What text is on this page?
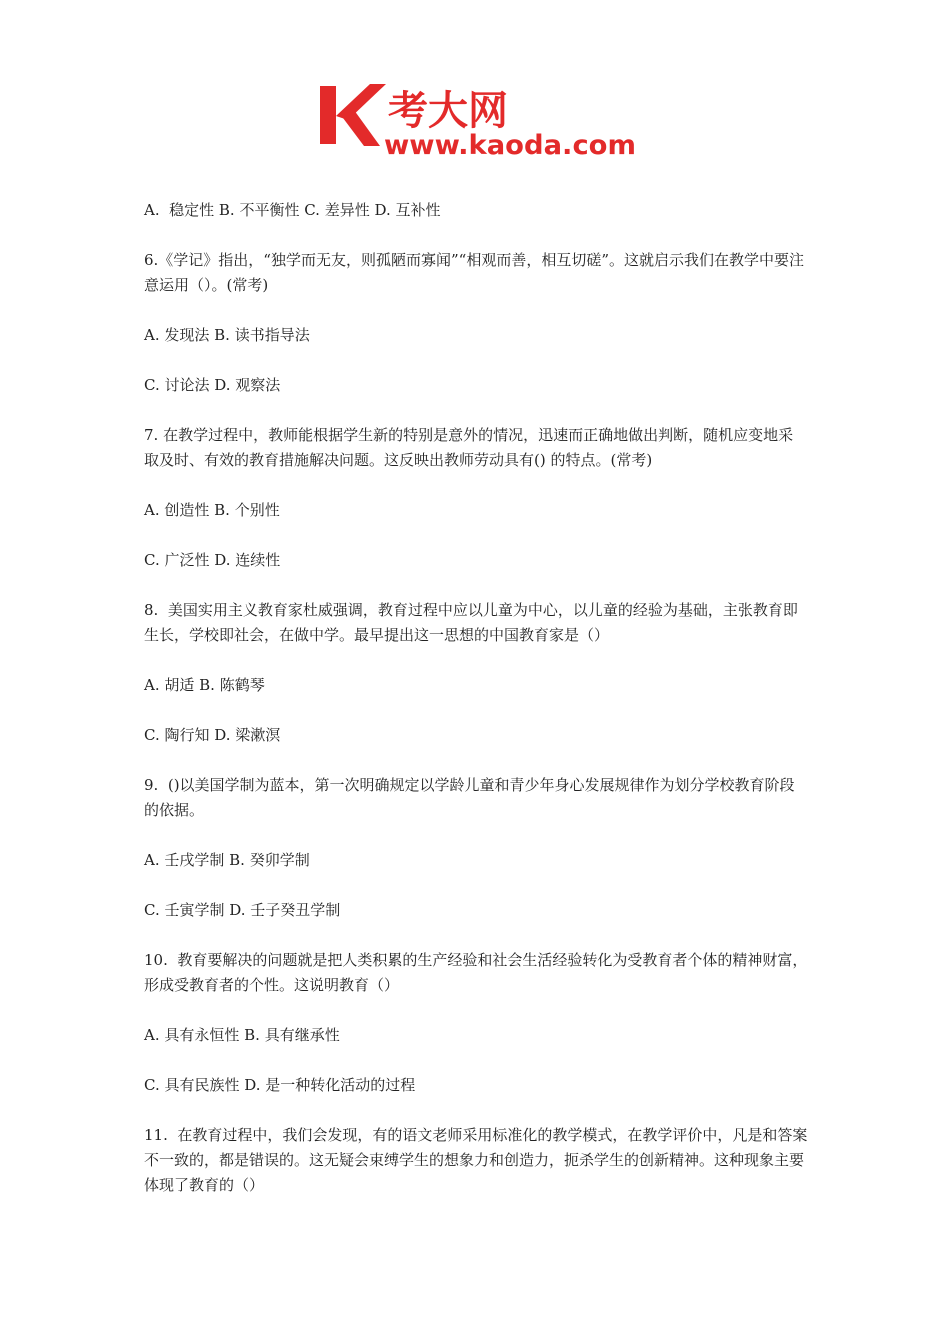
考大网
www.kaoda.com

A.  稳定性 B. 不平衡性 C. 差异性 D. 互补性

6.《学记》指出，“独学而无友，则孤陋而寡闻”“相观而善，相互切磋”。这就启示我们在教学中要注意运用（）。(常考)

A. 发现法 B. 读书指导法

C. 讨论法 D. 观察法

7. 在教学过程中，教师能根据学生新的特别是意外的情况，迅速而正确地做出判断，随机应变地采取及时、有效的教育措施解决问题。这反映出教师劳动具有() 的特点。(常考)

A. 创造性 B. 个别性

C. 广泛性 D. 连续性

8.  美国实用主义教育家杜威强调，教育过程中应以儿童为中心，以儿童的经验为基础，主张教育即生长，学校即社会，在做中学。最早提出这一思想的中国教育家是（）

A. 胡适 B. 陈鹤琴

C. 陶行知 D. 梁漱溟

9.  ()以美国学制为蓝本，第一次明确规定以学龄儿童和青少年身心发展规律作为划分学校教育阶段的依据。

A. 壬戌学制 B. 癸卯学制

C. 壬寅学制 D. 壬子癸丑学制

10.  教育要解决的问题就是把人类积累的生产经验和社会生活经验转化为受教育者个体的精神财富，形成受教育者的个性。这说明教育（）

A. 具有永恒性 B. 具有继承性

C. 具有民族性 D. 是一种转化活动的过程

11.  在教育过程中，我们会发现，有的语文老师采用标准化的教学模式，在教学评价中，凡是和答案不一致的，都是错误的。这无疑会束缚学生的想象力和创造力，扼杀学生的创新精神。这种现象主要体现了教育的（）
